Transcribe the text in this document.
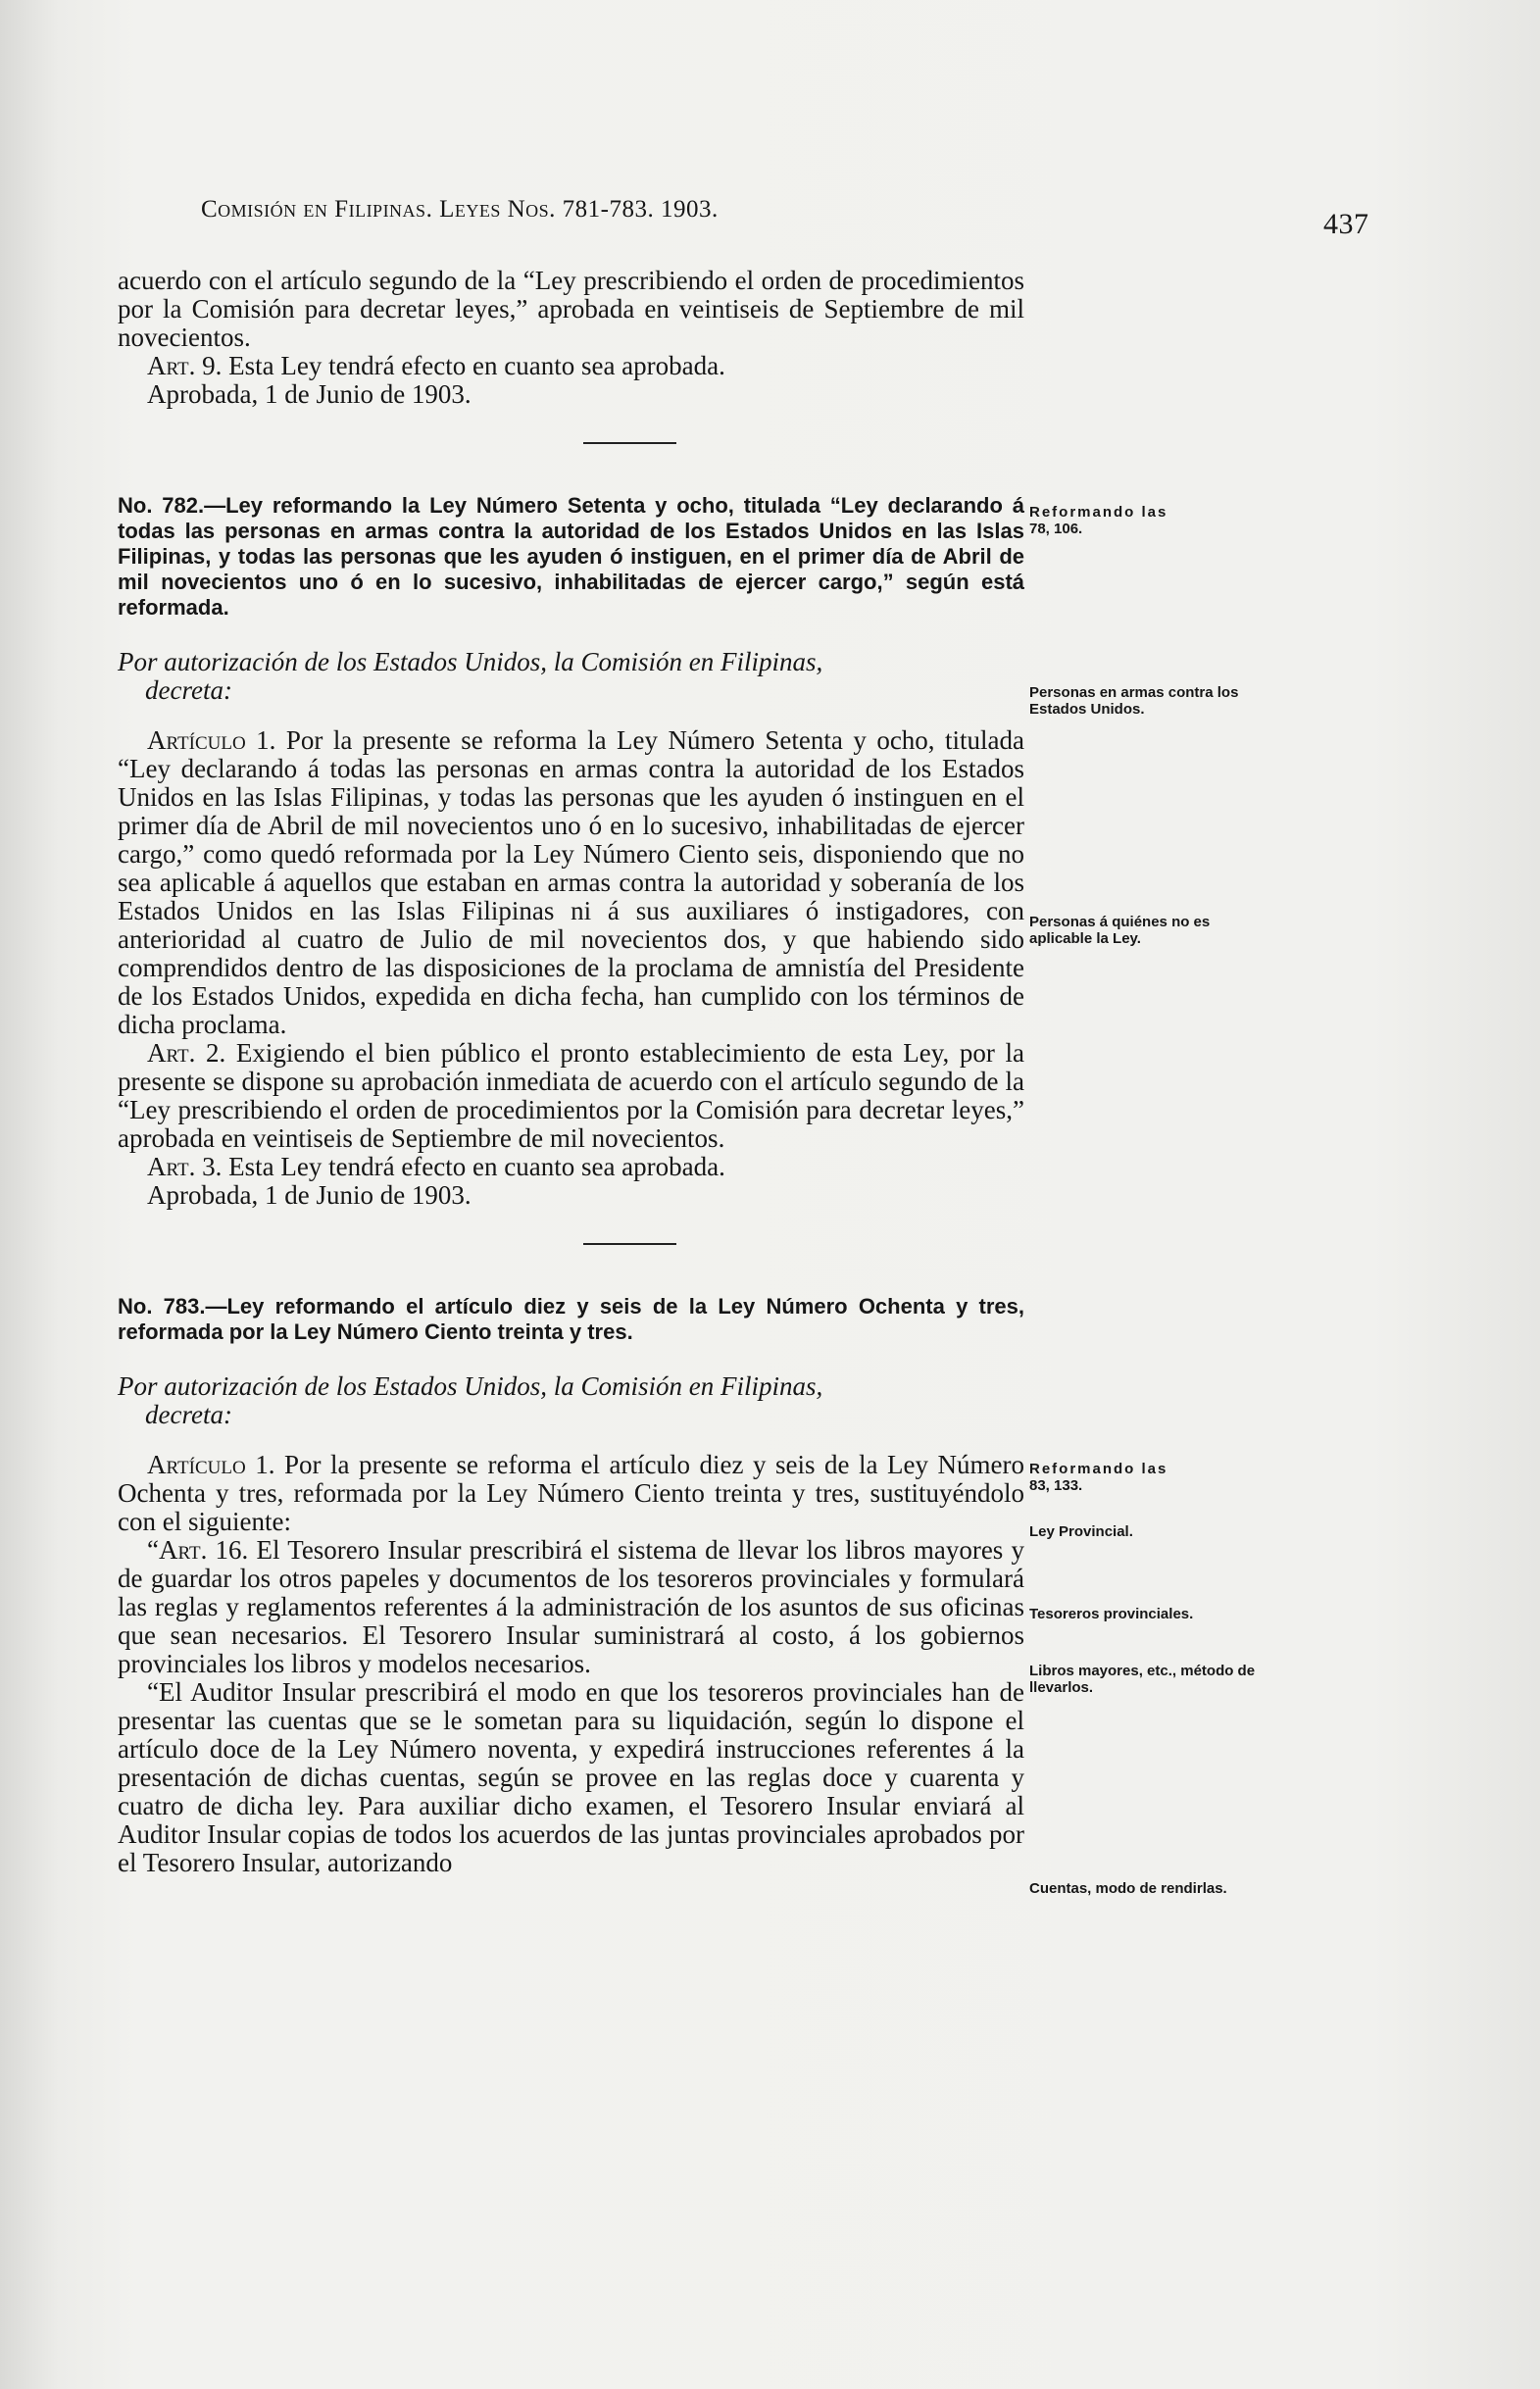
Comisión en Filipinas. Leyes Nos. 781-783. 1903.	437

acuerdo con el artículo segundo de la “Ley prescribiendo el orden de procedimientos por la Comisión para decretar leyes,” aprobada en veintiseis de Septiembre de mil novecientos.

Art. 9. Esta Ley tendrá efecto en cuanto sea aprobada.

Aprobada, 1 de Junio de 1903.

No. 782.—Ley reformando la Ley Número Setenta y ocho, titulada “Ley declarando á todas las personas en armas contra la autoridad de los Estados Unidos en las Islas Filipinas, y todas las personas que les ayuden ó instiguen, en el primer día de Abril de mil novecientos uno ó en lo sucesivo, inhabilitadas de ejercer cargo,” según está reformada.

Por autorización de los Estados Unidos, la Comisión en Filipinas,
decreta:

Artículo 1. Por la presente se reforma la Ley Número Setenta y ocho, titulada “Ley declarando á todas las personas en armas contra la autoridad de los Estados Unidos en las Islas Filipinas, y todas las personas que les ayuden ó instinguen en el primer día de Abril de mil novecientos uno ó en lo sucesivo, inhabilitadas de ejercer cargo,” como quedó reformada por la Ley Número Ciento seis, disponiendo que no sea aplicable á aquellos que estaban en armas contra la autoridad y soberanía de los Estados Unidos en las Islas Filipinas ni á sus auxiliares ó instigadores, con anterioridad al cuatro de Julio de mil novecientos dos, y que habiendo sido comprendidos dentro de las disposiciones de la proclama de amnistía del Presidente de los Estados Unidos, expedida en dicha fecha, han cumplido con los términos de dicha proclama.

Art. 2. Exigiendo el bien público el pronto establecimiento de esta Ley, por la presente se dispone su aprobación inmediata de acuerdo con el artículo segundo de la “Ley prescribiendo el orden de procedimientos por la Comisión para decretar leyes,” aprobada en veintiseis de Septiembre de mil novecientos.

Art. 3. Esta Ley tendrá efecto en cuanto sea aprobada.

Aprobada, 1 de Junio de 1903.

No. 783.—Ley reformando el artículo diez y seis de la Ley Número Ochenta y tres, reformada por la Ley Número Ciento treinta y tres.

Por autorización de los Estados Unidos, la Comisión en Filipinas,
decreta:

Artículo 1. Por la presente se reforma el artículo diez y seis de la Ley Número Ochenta y tres, reformada por la Ley Número Ciento treinta y tres, sustituyéndolo con el siguiente:

“Art. 16. El Tesorero Insular prescribirá el sistema de llevar los libros mayores y de guardar los otros papeles y documentos de los tesoreros provinciales y formulará las reglas y reglamentos referentes á la administración de los asuntos de sus oficinas que sean necesarios. El Tesorero Insular suministrará al costo, á los gobiernos provinciales los libros y modelos necesarios.

“El Auditor Insular prescribirá el modo en que los tesoreros provinciales han de presentar las cuentas que se le sometan para su liquidación, según lo dispone el artículo doce de la Ley Número noventa, y expedirá instrucciones referentes á la presentación de dichas cuentas, según se provee en las reglas doce y cuarenta y cuatro de dicha ley. Para auxiliar dicho examen, el Tesorero Insular enviará al Auditor Insular copias de todos los acuerdos de las juntas provinciales aprobados por el Tesorero Insular, autorizando

Reformando las
78, 106.
Personas en armas contra los Estados Unidos.
Personas á quiénes no es aplicable la Ley.
Reformando las
83, 133.
Ley Provincial.
Tesoreros provinciales.
Libros mayores, etc., método de llevarlos.
Cuentas, modo de rendirlas.
